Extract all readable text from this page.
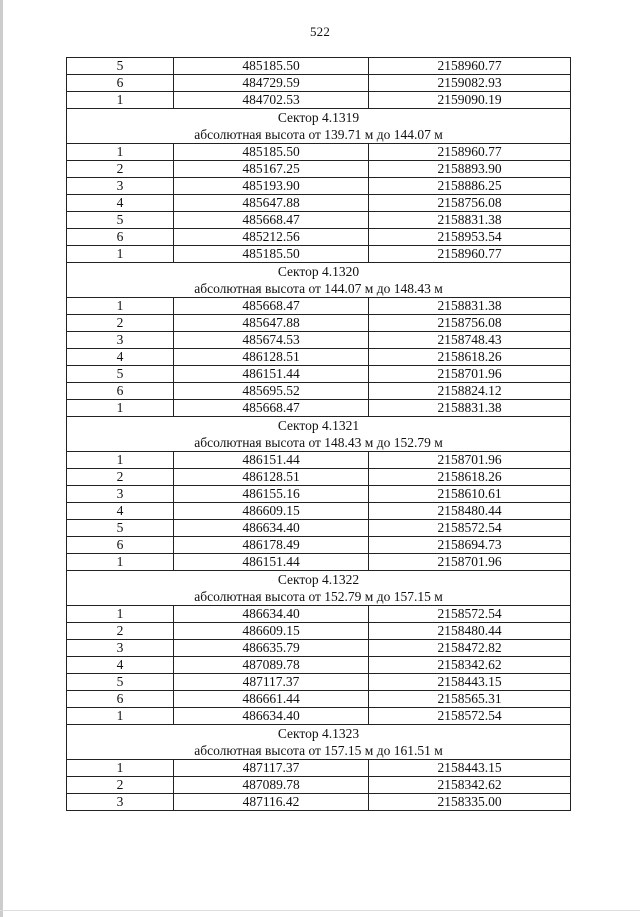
522
5	485185.50	2158960.77
6	484729.59	2159082.93
1	484702.53	2159090.19
Сектор 4.1319		
абсолютная высота от 139.71 м до 144.07 м		
1	485185.50	2158960.77
2	485167.25	2158893.90
3	485193.90	2158886.25
4	485647.88	2158756.08
5	485668.47	2158831.38
6	485212.56	2158953.54
1	485185.50	2158960.77
Сектор 4.1320		
абсолютная высота от 144.07 м до 148.43 м		
1	485668.47	2158831.38
2	485647.88	2158756.08
3	485674.53	2158748.43
4	486128.51	2158618.26
5	486151.44	2158701.96
6	485695.52	2158824.12
1	485668.47	2158831.38
Сектор 4.1321		
абсолютная высота от 148.43 м до 152.79 м		
1	486151.44	2158701.96
2	486128.51	2158618.26
3	486155.16	2158610.61
4	486609.15	2158480.44
5	486634.40	2158572.54
6	486178.49	2158694.73
1	486151.44	2158701.96
Сектор 4.1322		
абсолютная высота от 152.79 м до 157.15 м		
1	486634.40	2158572.54
2	486609.15	2158480.44
3	486635.79	2158472.82
4	487089.78	2158342.62
5	487117.37	2158443.15
6	486661.44	2158565.31
1	486634.40	2158572.54
Сектор 4.1323		
абсолютная высота от 157.15 м до 161.51 м		
1	487117.37	2158443.15
2	487089.78	2158342.62
3	487116.42	2158335.00
